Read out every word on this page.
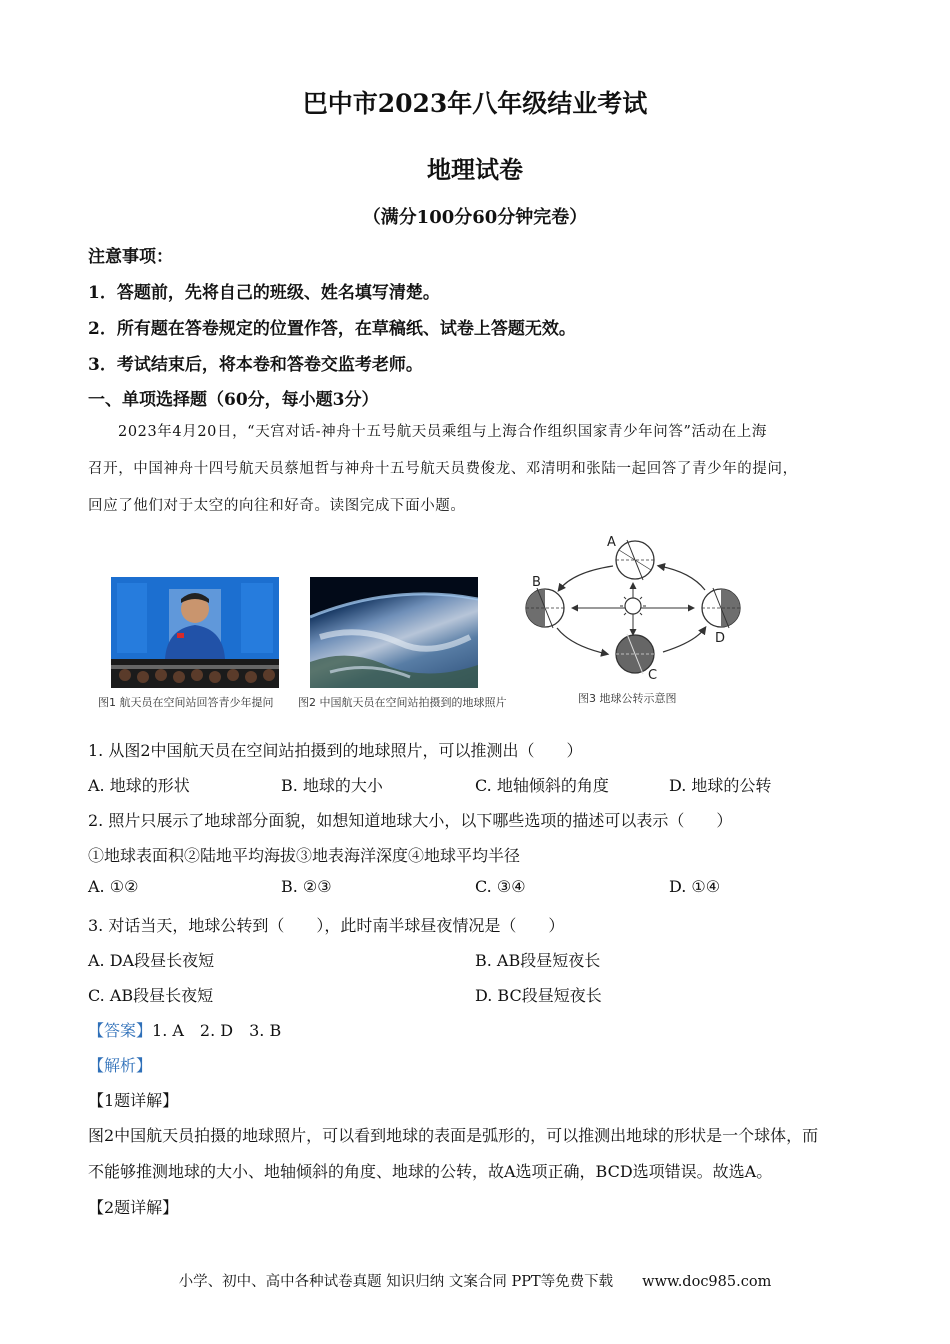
巴中市2023年八年级结业考试
地理试卷
（满分100分60分钟完卷）
注意事项：
1．答题前，先将自己的班级、姓名填写清楚。
2．所有题在答卷规定的位置作答，在草稿纸、试卷上答题无效。
3．考试结束后，将本卷和答卷交监考老师。
一、单项选择题（60分，每小题3分）
2023年4月20日，“天宫对话-神舟十五号航天员乘组与上海合作组织国家青少年问答”活动在上海
召开，中国神舟十四号航天员蔡旭哲与神舟十五号航天员费俊龙、邓清明和张陆一起回答了青少年的提问，
回应了他们对于太空的向往和好奇。读图完成下面小题。
图1 航天员在空间站回答青少年提问 图2 中国航天员在空间站拍摄到的地球照片
A
B
C
D
图3 地球公转示意图
1. 从图2中国航天员在空间站拍摄到的地球照片，可以推测出（　　）
A. 地球的形状	B. 地球的大小	C. 地轴倾斜的角度	D. 地球的公转
2. 照片只展示了地球部分面貌，如想知道地球大小，以下哪些选项的描述可以表示（　　）
①地球表面积②陆地平均海拔③地表海洋深度④地球平均半径
A. ①②	B. ②③	C. ③④	D. ①④
3. 对话当天，地球公转到（　　），此时南半球昼夜情况是（　　）
A. DA段昼长夜短	B. AB段昼短夜长
C. AB段昼长夜短	D. BC段昼短夜长
【答案】1. A　2. D　3. B
【解析】
【1题详解】
图2中国航天员拍摄的地球照片，可以看到地球的表面是弧形的，可以推测出地球的形状是一个球体，而
不能够推测地球的大小、地轴倾斜的角度、地球的公转，故A选项正确，BCD选项错误。故选A。
【2题详解】
小学、初中、高中各种试卷真题 知识归纳 文案合同 PPT等免费下载　　www.doc985.com
